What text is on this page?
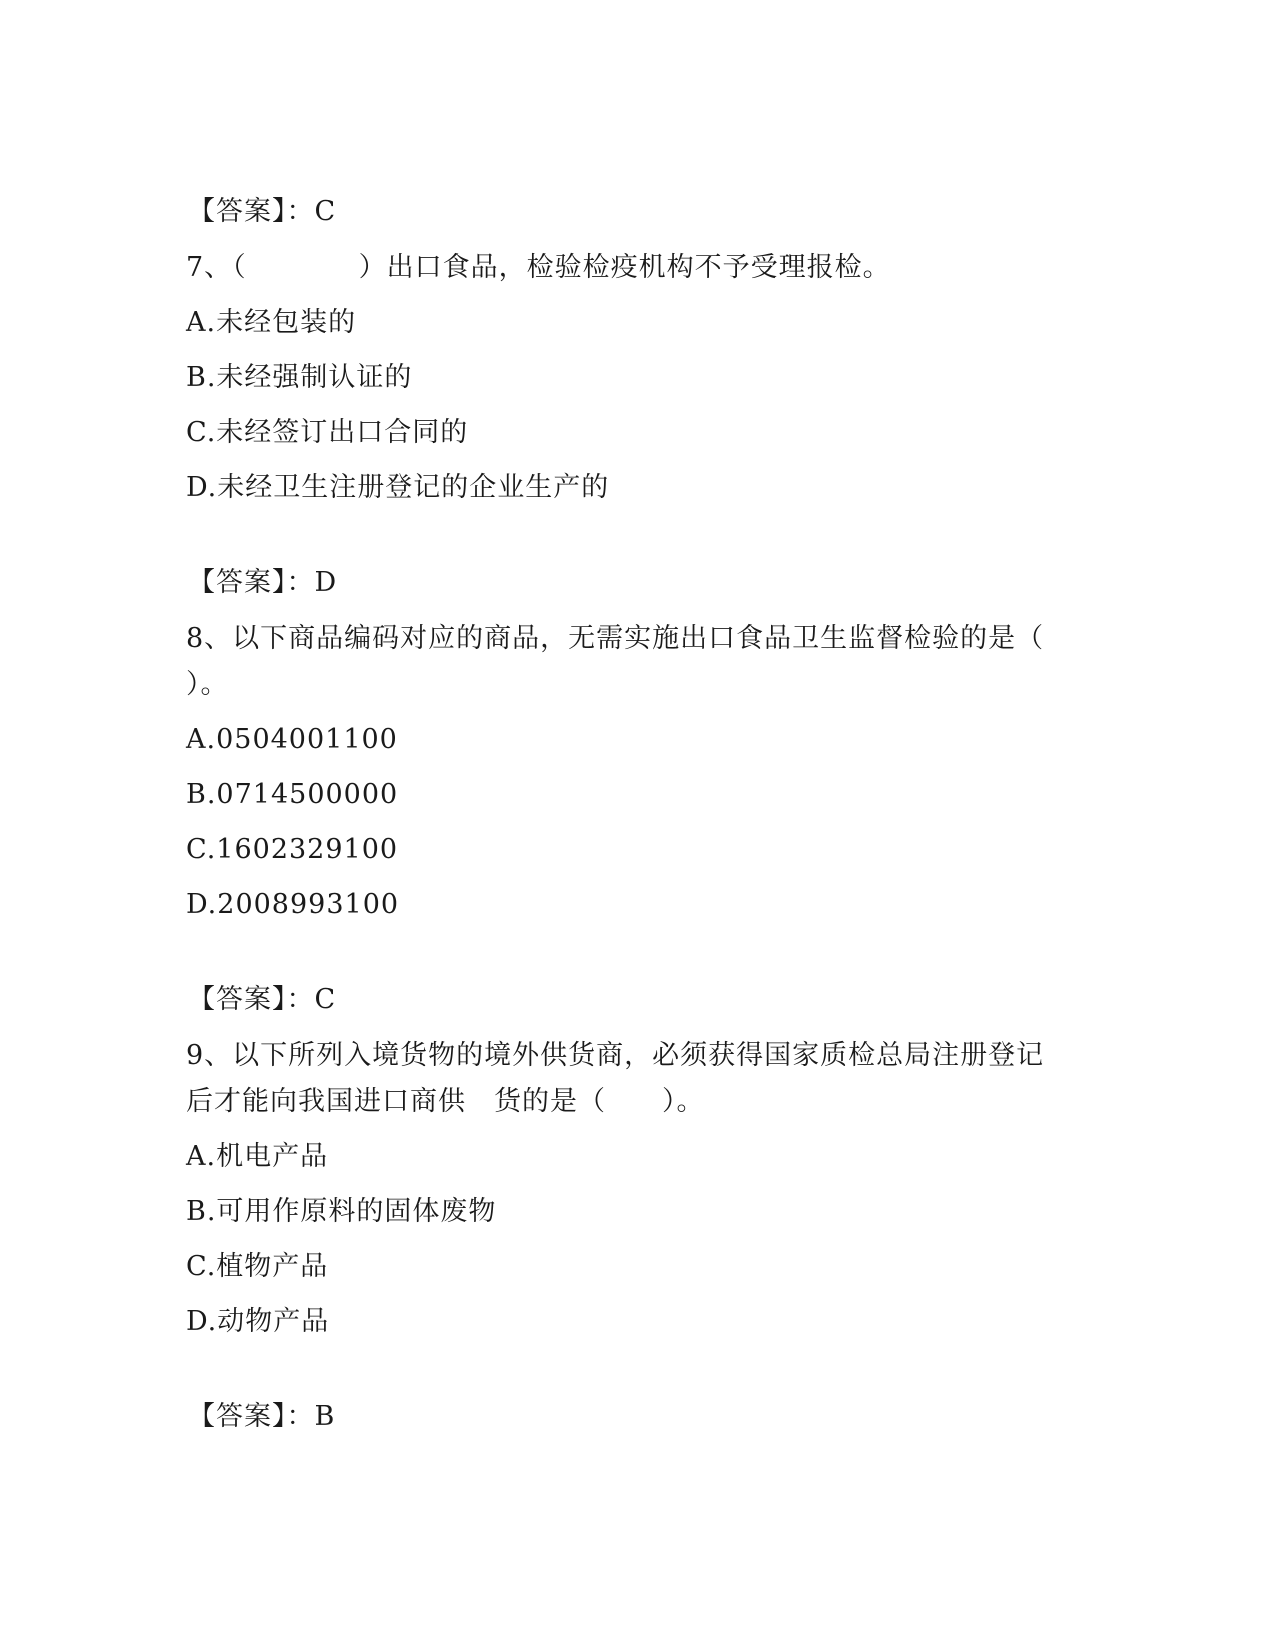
【答案】：C
7、（　　　　）出口食品，检验检疫机构不予受理报检。
A.未经包装的
B.未经强制认证的
C.未经签订出口合同的
D.未经卫生注册登记的企业生产的
【答案】：D
8、以下商品编码对应的商品，无需实施出口食品卫生监督检验的是（
）。
A.0504001100
B.0714500000
C.1602329100
D.2008993100
【答案】：C
9、以下所列入境货物的境外供货商，必须获得国家质检总局注册登记
后才能向我国进口商供　货的是（　　）。
A.机电产品
B.可用作原料的固体废物
C.植物产品
D.动物产品
【答案】：B
